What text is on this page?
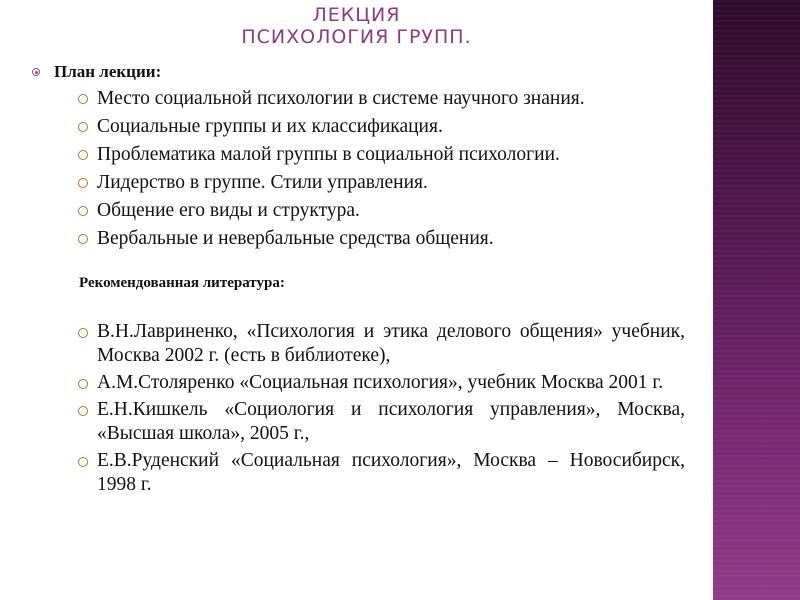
ЛЕКЦИЯ
ПСИХОЛОГИЯ ГРУПП.
План лекции:
Место социальной психологии в системе научного знания.
Социальные группы и их классификация.
Проблематика малой группы в социальной психологии.
Лидерство в группе. Стили управления.
Общение его виды и структура.
Вербальные и невербальные средства общения.
Рекомендованная литература:
В.Н.Лавриненко, «Психология и этика делового общения» учебник, Москва 2002 г. (есть в библиотеке),
А.М.Столяренко «Социальная психология», учебник Москва 2001 г.
Е.Н.Кишкель «Социология и психология управления», Москва, «Высшая школа», 2005 г.,
Е.В.Руденский «Социальная психология», Москва – Новосибирск, 1998 г.
